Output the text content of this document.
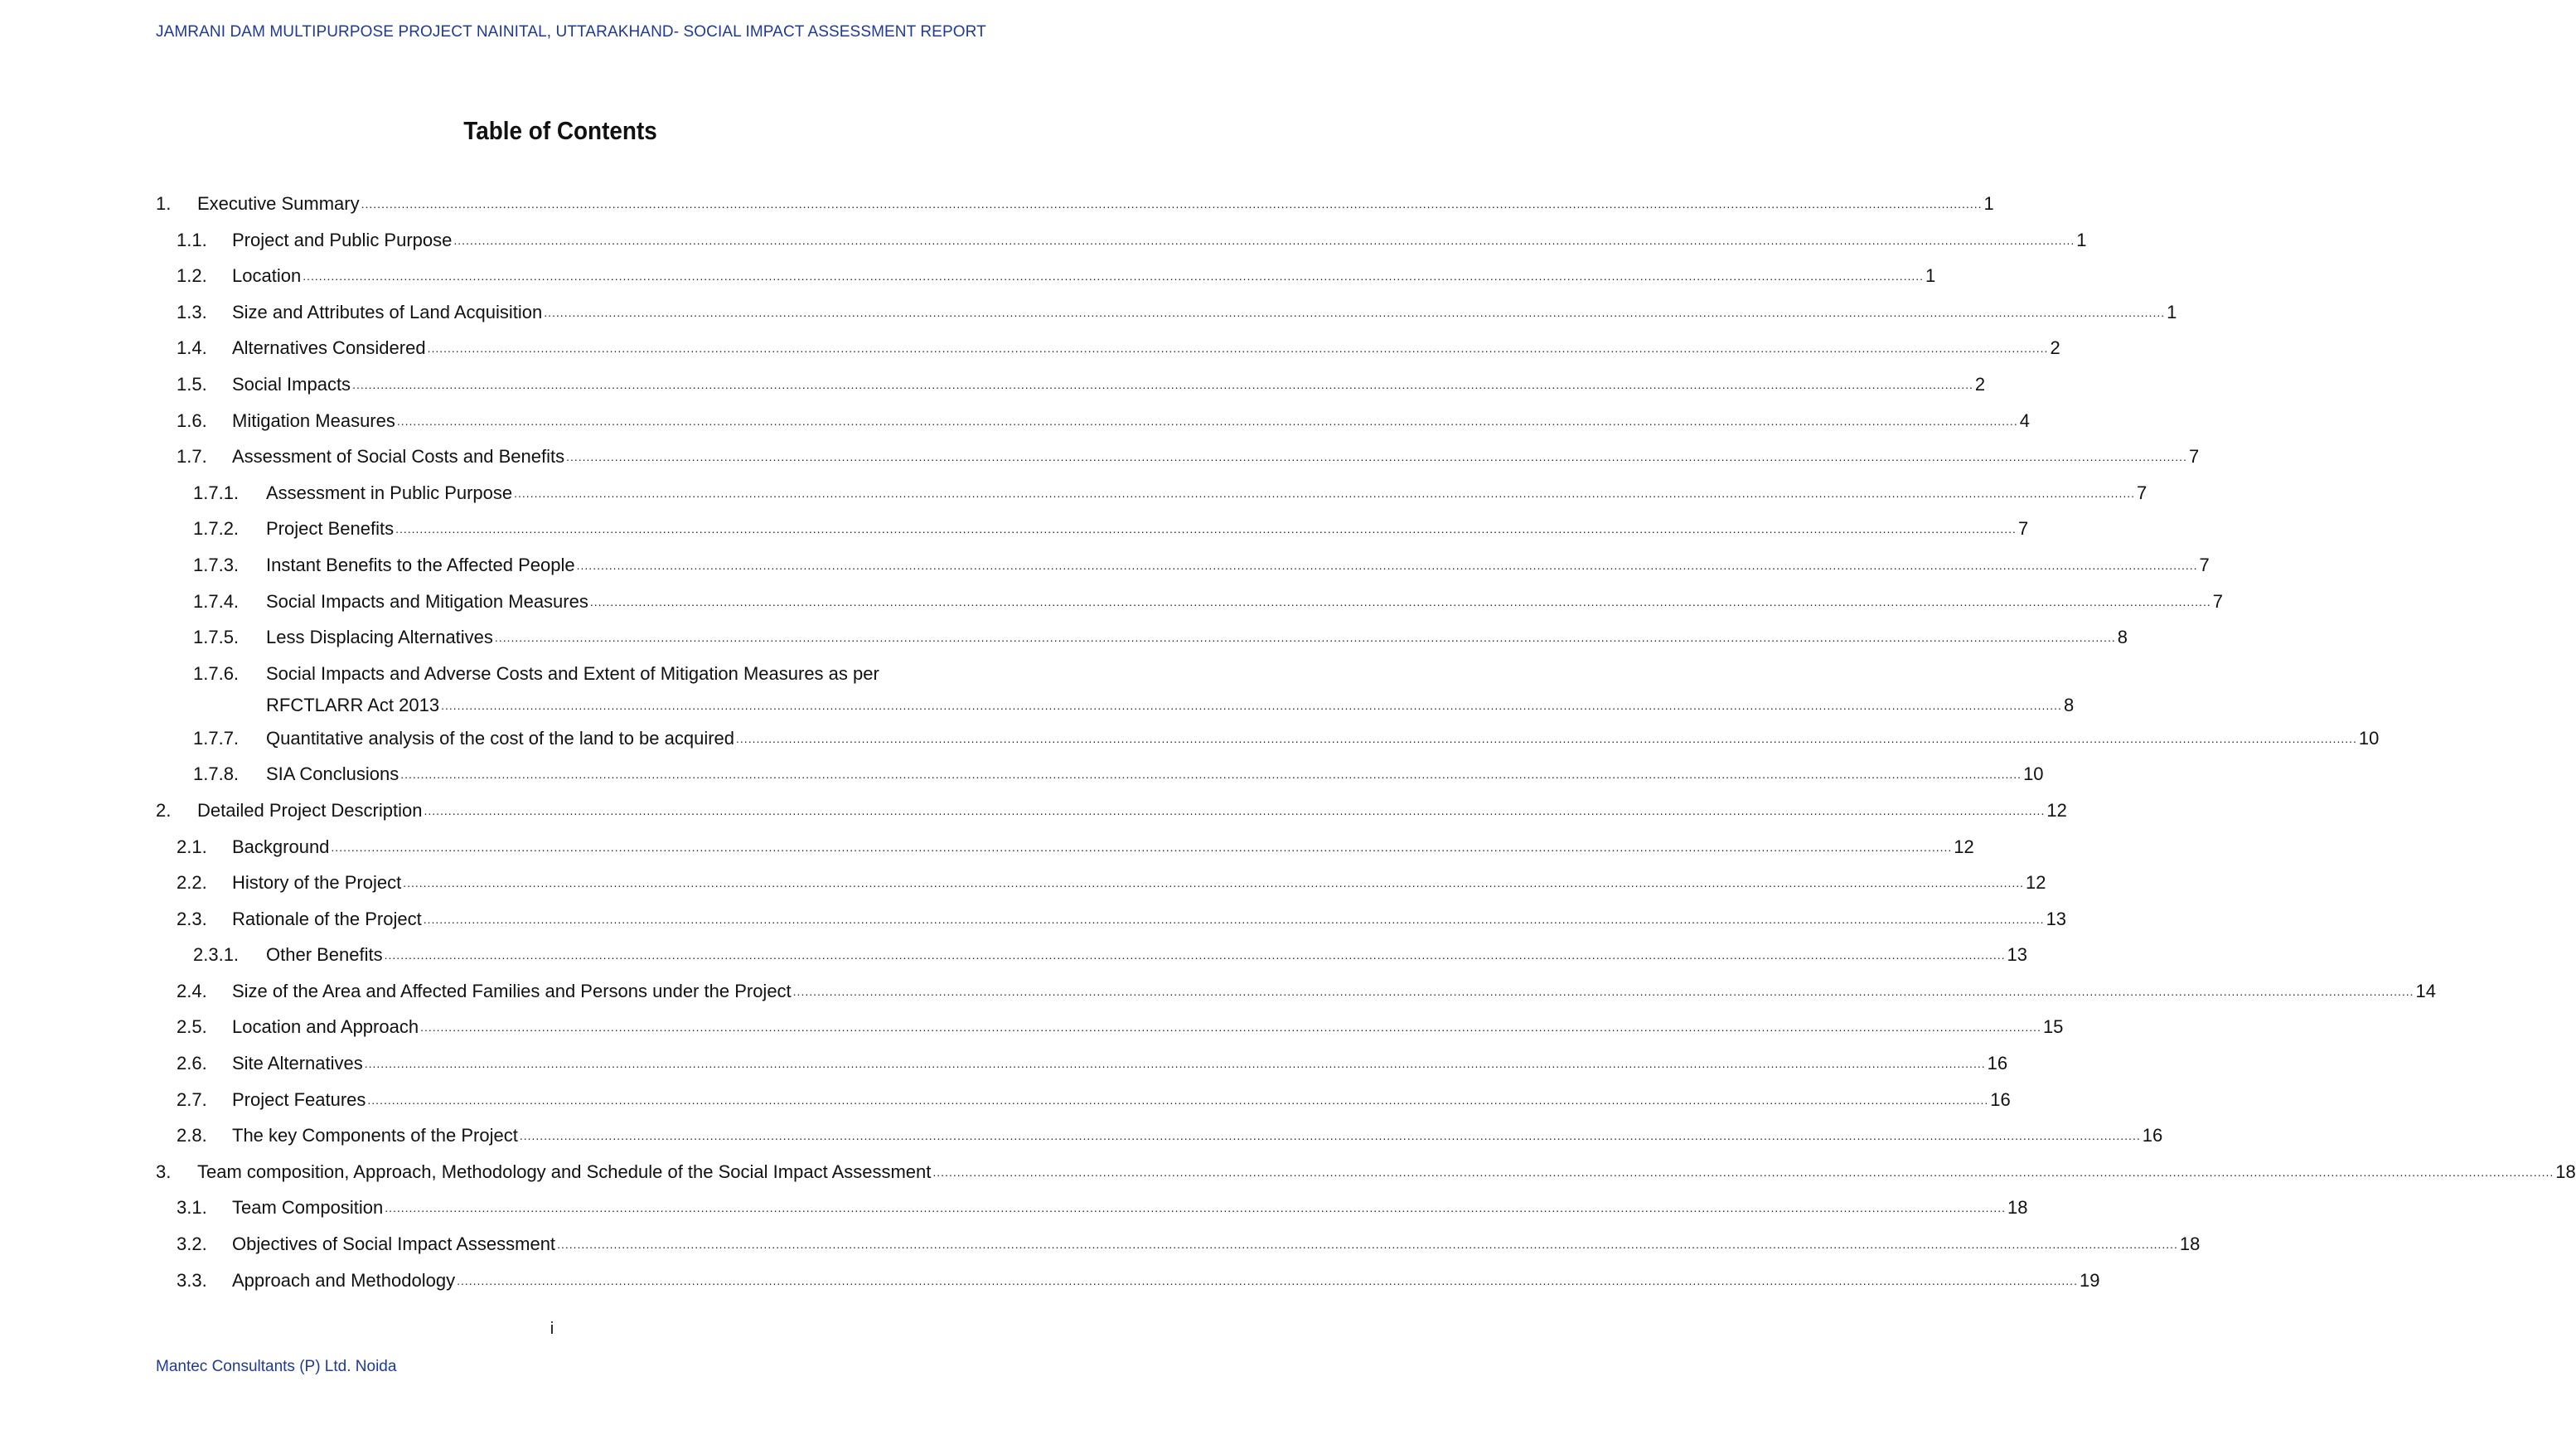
JAMRANI DAM MULTIPURPOSE PROJECT NAINITAL, UTTARAKHAND- SOCIAL IMPACT ASSESSMENT REPORT
Table of Contents
1. Executive Summary ................................................................................................................................................................................................................................................................................................................................................................................................................ 1
1.1. Project and Public Purpose ................................................................................................................................................................................................................................................................................................................................................................................................................ 1
1.2. Location ................................................................................................................................................................................................................................................................................................................................................................................................................ 1
1.3. Size and Attributes of Land Acquisition ................................................................................................................................................................................................................................................................................................................................................................................................................ 1
1.4. Alternatives Considered ................................................................................................................................................................................................................................................................................................................................................................................................................ 2
1.5. Social Impacts ................................................................................................................................................................................................................................................................................................................................................................................................................ 2
1.6. Mitigation Measures ................................................................................................................................................................................................................................................................................................................................................................................................................ 4
1.7. Assessment of Social Costs and Benefits ................................................................................................................................................................................................................................................................................................................................................................................................................ 7
1.7.1. Assessment in Public Purpose ................................................................................................................................................................................................................................................................................................................................................................................................................ 7
1.7.2. Project Benefits ................................................................................................................................................................................................................................................................................................................................................................................................................ 7
1.7.3. Instant Benefits to the Affected People ................................................................................................................................................................................................................................................................................................................................................................................................................ 7
1.7.4. Social Impacts and Mitigation Measures ................................................................................................................................................................................................................................................................................................................................................................................................................ 7
1.7.5. Less Displacing Alternatives ................................................................................................................................................................................................................................................................................................................................................................................................................ 8
1.7.6. Social Impacts and Adverse Costs and Extent of Mitigation Measures as per
RFCTLARR Act 2013 ................................................................................................................................................................................................................................................................................................................................................................................................................ 8
1.7.7. Quantitative analysis of the cost of the land to be acquired ................................................................................................................................................................................................................................................................................................................................................................................................................ 10
1.7.8. SIA Conclusions ................................................................................................................................................................................................................................................................................................................................................................................................................ 10
2. Detailed Project Description ................................................................................................................................................................................................................................................................................................................................................................................................................ 12
2.1. Background ................................................................................................................................................................................................................................................................................................................................................................................................................ 12
2.2. History of the Project ................................................................................................................................................................................................................................................................................................................................................................................................................ 12
2.3. Rationale of the Project ................................................................................................................................................................................................................................................................................................................................................................................................................ 13
2.3.1. Other Benefits ................................................................................................................................................................................................................................................................................................................................................................................................................ 13
2.4. Size of the Area and Affected Families and Persons under the Project ................................................................................................................................................................................................................................................................................................................................................................................................................ 14
2.5. Location and Approach ................................................................................................................................................................................................................................................................................................................................................................................................................ 15
2.6. Site Alternatives ................................................................................................................................................................................................................................................................................................................................................................................................................ 16
2.7. Project Features ................................................................................................................................................................................................................................................................................................................................................................................................................ 16
2.8. The key Components of the Project ................................................................................................................................................................................................................................................................................................................................................................................................................ 16
3. Team composition, Approach, Methodology and Schedule of the Social Impact Assessment ................................................................................................................................................................................................................................................................................................................................................................................................................ 18
3.1. Team Composition ................................................................................................................................................................................................................................................................................................................................................................................................................ 18
3.2. Objectives of Social Impact Assessment ................................................................................................................................................................................................................................................................................................................................................................................................................ 18
3.3. Approach and Methodology ................................................................................................................................................................................................................................................................................................................................................................................................................ 19
i
Mantec Consultants (P) Ltd. Noida
